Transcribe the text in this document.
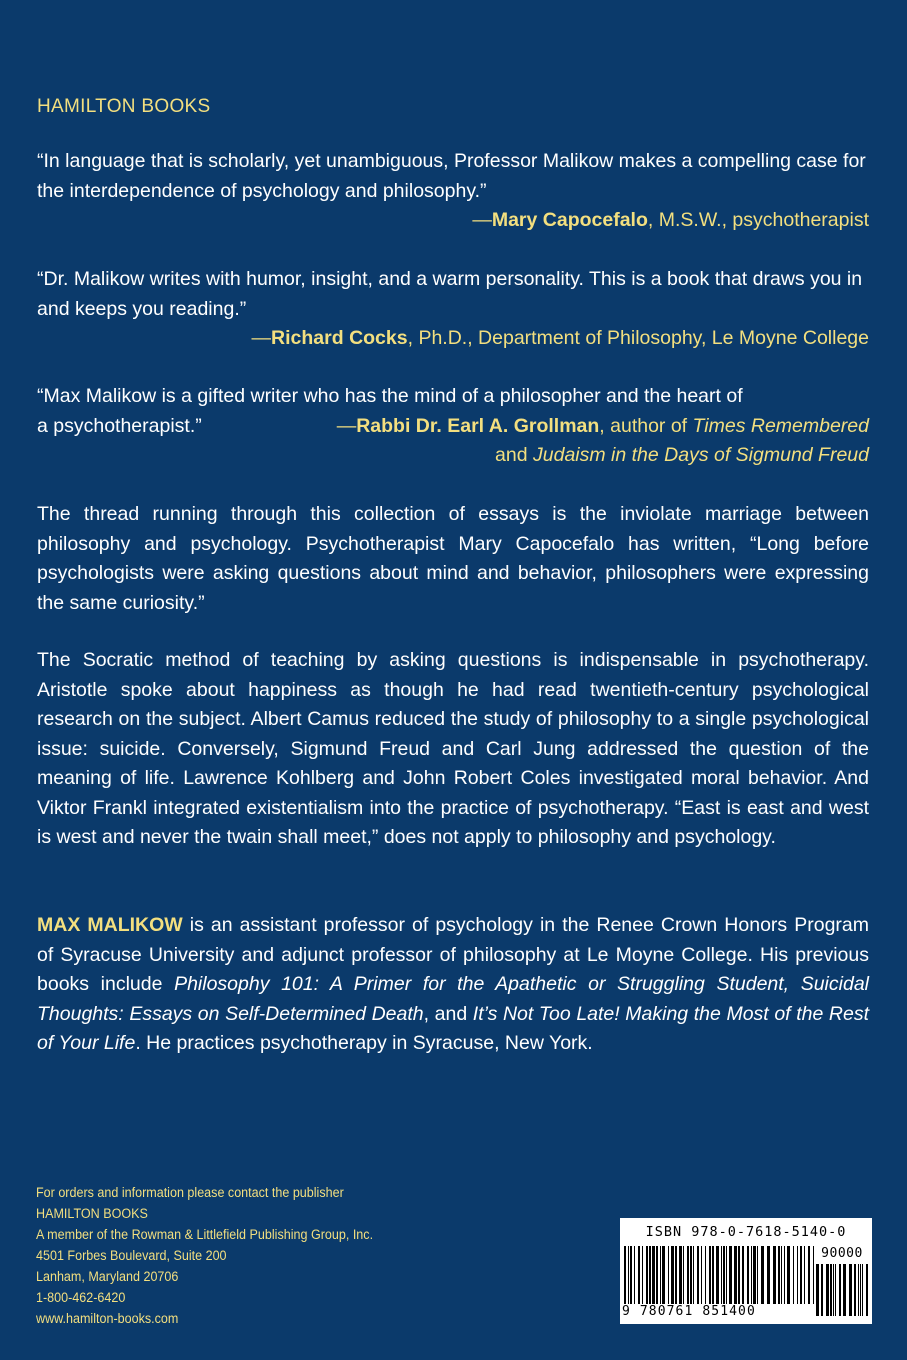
HAMILTON BOOKS
“In language that is scholarly, yet unambiguous, Professor Malikow makes a compelling case for the interdependence of psychology and philosophy.”
—Mary Capocefalo, M.S.W., psychotherapist
“Dr. Malikow writes with humor, insight, and a warm personality. This is a book that draws you in and keeps you reading.”
—Richard Cocks, Ph.D., Department of Philosophy, Le Moyne College
“Max Malikow is a gifted writer who has the mind of a philosopher and the heart of
a psychotherapist.”	—Rabbi Dr. Earl A. Grollman, author of Times Remembered
and Judaism in the Days of Sigmund Freud
The thread running through this collection of essays is the inviolate marriage between philosophy and psychology. Psychotherapist Mary Capocefalo has written, “Long before psychologists were asking questions about mind and behavior, philosophers were expressing the same curiosity.”
The Socratic method of teaching by asking questions is indispensable in psychotherapy. Aristotle spoke about happiness as though he had read twentieth-century psychological research on the subject. Albert Camus reduced the study of philosophy to a single psychological issue: suicide. Conversely, Sigmund Freud and Carl Jung addressed the question of the meaning of life. Lawrence Kohlberg and John Robert Coles investigated moral behavior. And Viktor Frankl integrated existentialism into the practice of psychotherapy. “East is east and west is west and never the twain shall meet,” does not apply to philosophy and psychology.
MAX MALIKOW is an assistant professor of psychology in the Renee Crown Honors Program of Syracuse University and adjunct professor of philosophy at Le Moyne College. His previous books include Philosophy 101: A Primer for the Apathetic or Struggling Student, Suicidal Thoughts: Essays on Self-Determined Death, and It’s Not Too Late! Making the Most of the Rest of Your Life. He practices psychotherapy in Syracuse, New York.
For orders and information please contact the publisher
HAMILTON BOOKS
A member of the Rowman & Littlefield Publishing Group, Inc.
4501 Forbes Boulevard, Suite 200
Lanham, Maryland 20706
1-800-462-6420
www.hamilton-books.com
ISBN 978-0-7618-5140-0
90000
9 780761 851400
